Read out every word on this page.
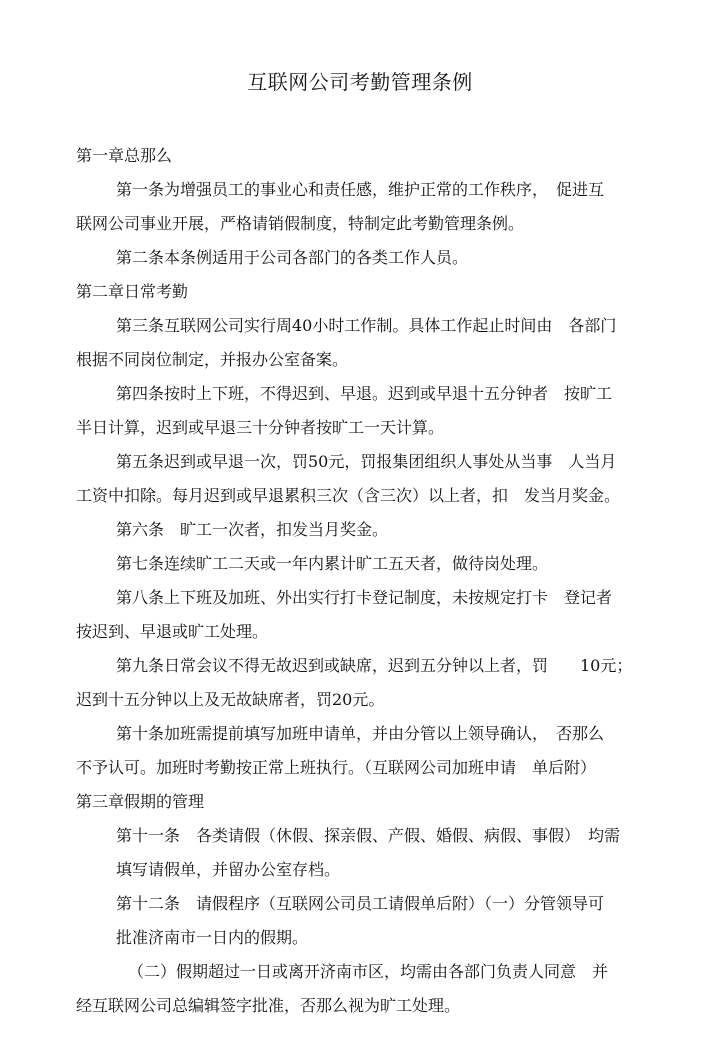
互联网公司考勤管理条例

第一章总那么

第一条为增强员工的事业心和责任感，维护正常的工作秩序，　促进互

联网公司事业开展，严格请销假制度，特制定此考勤管理条例。

第二条本条例适用于公司各部门的各类工作人员。

第二章日常考勤

第三条互联网公司实行周40小时工作制。具体工作起止时间由　各部门

根据不同岗位制定，并报办公室备案。

第四条按时上下班，不得迟到、早退。迟到或早退十五分钟者　按旷工

半日计算，迟到或早退三十分钟者按旷工一天计算。

第五条迟到或早退一次，罚50元，罚报集团组织人事处从当事　人当月

工资中扣除。每月迟到或早退累积三次（含三次）以上者，扣　发当月奖金。

第六条　旷工一次者，扣发当月奖金。

第七条连续旷工二天或一年内累计旷工五天者，做待岗处理。

第八条上下班及加班、外出实行打卡登记制度，未按规定打卡　登记者

按迟到、早退或旷工处理。

第九条日常会议不得无故迟到或缺席，迟到五分钟以上者，罚　　10元；

迟到十五分钟以上及无故缺席者，罚20元。

第十条加班需提前填写加班申请单，并由分管以上领导确认，　否那么

不予认可。加班时考勤按正常上班执行。（互联网公司加班申请　单后附）

第三章假期的管理

第十一条　各类请假（休假、探亲假、产假、婚假、病假、事假）　均需

填写请假单，并留办公室存档。

第十二条　请假程序（互联网公司员工请假单后附）（一）分管领导可

批准济南市一日内的假期。

（二）假期超过一日或离开济南市区，均需由各部门负责人同意　并

经互联网公司总编辑签字批准，否那么视为旷工处理。
